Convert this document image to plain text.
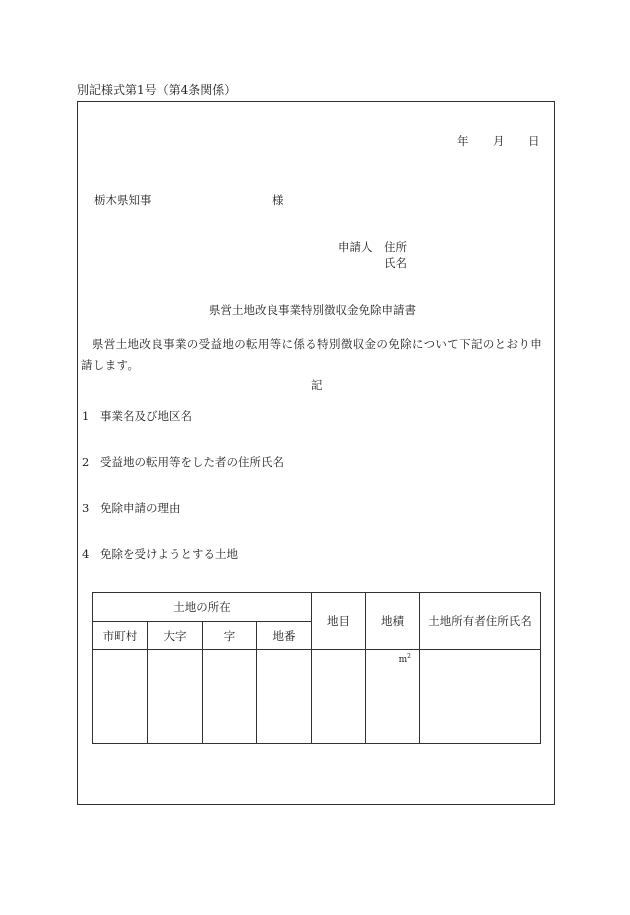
別記様式第1号（第4条関係）
年 月 日
栃木県知事	様
申請人 住所
氏名
県営土地改良事業特別徴収金免除申請書
県営土地改良事業の受益地の転用等に係る特別徴収金の免除について下記のとおり申請します。
記
1 事業名及び地区名
2 受益地の転用等をした者の住所氏名
3 免除申請の理由
4 免除を受けようとする土地
土地の所在				地目	地積	土地所有者住所氏名
市町村	大字	字	地番			
					$m^2$	
